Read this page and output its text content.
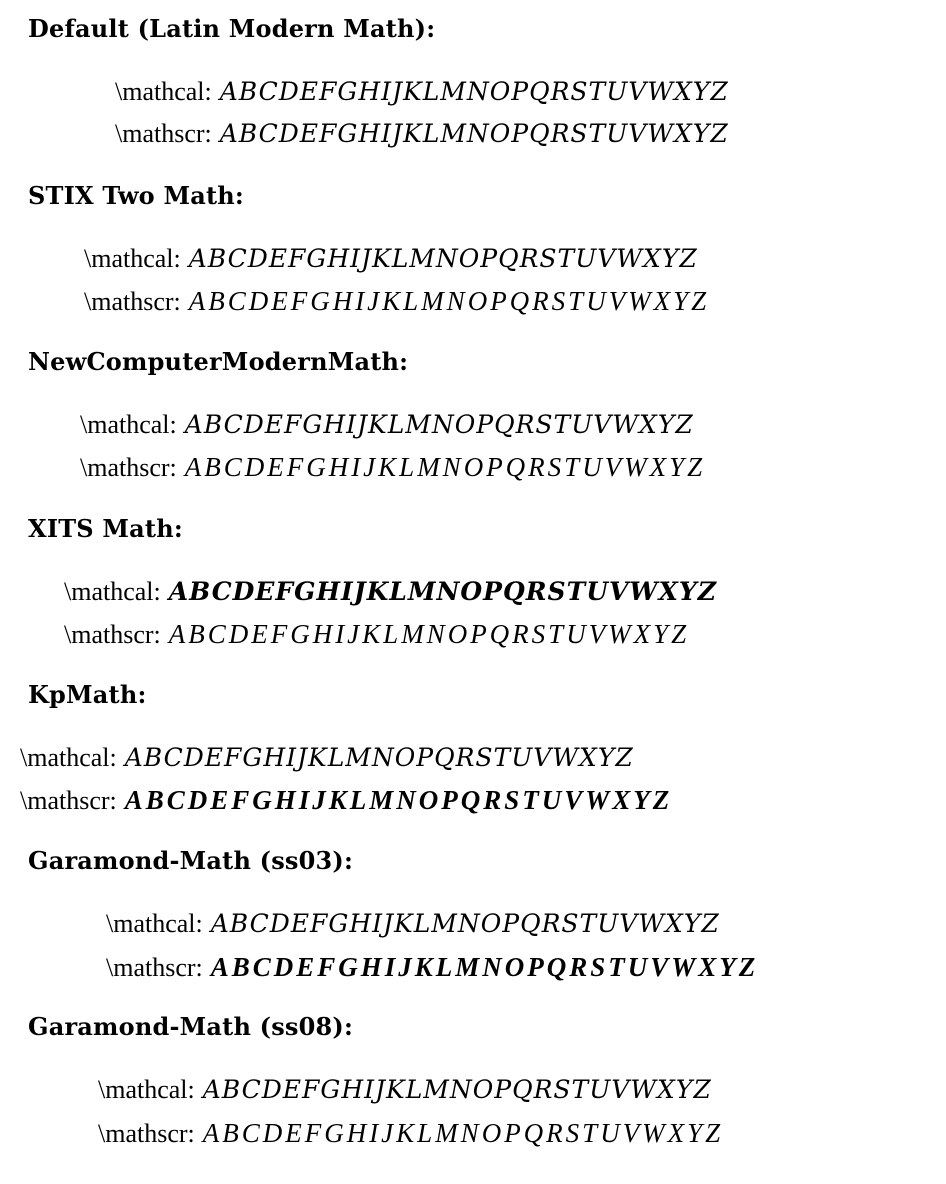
Default (Latin Modern Math):
\mathcal: ABCDEFGHIJKLMNOPQRSTUVWXYZ
\mathscr: ABCDEFGHIJKLMNOPQRSTUVWXYZ
STIX Two Math:
\mathcal: ABCDEFGHIJKLMNOPQRSTUVWXYZ
\mathscr: ABCDEFGHIJKLMNOPQRSTUVWXYZ
NewComputerModernMath:
\mathcal: ABCDEFGHIJKLMNOPQRSTUVWXYZ
\mathscr: ABCDEFGHIJKLMNOPQRSTUVWXYZ
XITS Math:
\mathcal: ABCDEFGHIJKLMNOPQRSTUVWXYZ
\mathscr: ABCDEFGHIJKLMNOPQRSTUVWXYZ
KpMath:
\mathcal: ABCDEFGHIJKLMNOPQRSTUVWXYZ
\mathscr: ABCDEFGHIJKLMNOPQRSTUVWXYZ
Garamond-Math (ss03):
\mathcal: ABCDEFGHIJKLMNOPQRSTUVWXYZ
\mathscr: ABCDEFGHIJKLMNOPQRSTUVWXYZ
Garamond-Math (ss08):
\mathcal: ABCDEFGHIJKLMNOPQRSTUVWXYZ
\mathscr: ABCDEFGHIJKLMNOPQRSTUVWXYZ
